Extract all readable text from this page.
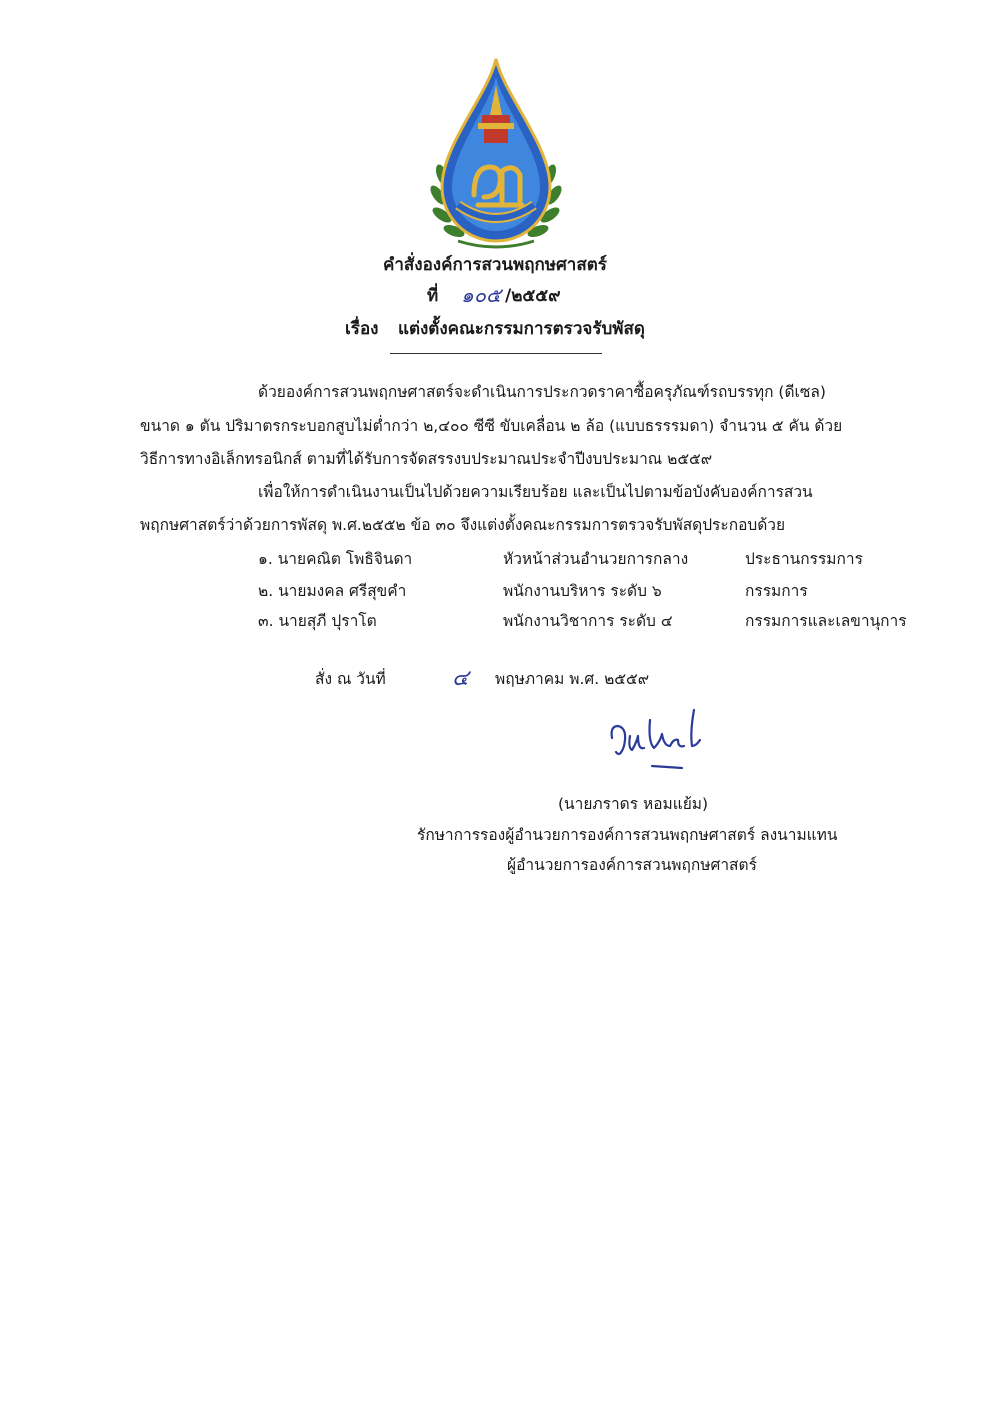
คำสั่งองค์การสวนพฤกษศาสตร์
ที่ ๑๐๕ /๒๕๕๙
เรื่อง แต่งตั้งคณะกรรมการตรวจรับพัสดุ
ด้วยองค์การสวนพฤกษศาสตร์จะดำเนินการประกวดราคาซื้อครุภัณฑ์รถบรรทุก (ดีเซล)
ขนาด ๑ ตัน ปริมาตรกระบอกสูบไม่ต่ำกว่า ๒,๔๐๐ ซีซี ขับเคลื่อน ๒ ล้อ (แบบธรรรมดา) จำนวน ๕ คัน ด้วย
วิธีการทางอิเล็กทรอนิกส์ ตามที่ได้รับการจัดสรรงบประมาณประจำปีงบประมาณ ๒๕๕๙
เพื่อให้การดำเนินงานเป็นไปด้วยความเรียบร้อย และเป็นไปตามข้อบังคับองค์การสวน
พฤกษศาสตร์ว่าด้วยการพัสดุ พ.ศ.๒๕๕๒ ข้อ ๓๐ จึงแต่งตั้งคณะกรรมการตรวจรับพัสดุประกอบด้วย
๑. นายคณิต โพธิจินดา	หัวหน้าส่วนอำนวยการกลาง	ประธานกรรมการ
๒. นายมงคล ศรีสุขคำ	พนักงานบริหาร ระดับ ๖	กรรมการ
๓. นายสุภี ปุราโต	พนักงานวิชาการ ระดับ ๔	กรรมการและเลขานุการ
สั่ง ณ วันที่	๔ พฤษภาคม พ.ศ. ๒๕๕๙
(นายภราดร หอมแย้ม)
รักษาการรองผู้อำนวยการองค์การสวนพฤกษศาสตร์ ลงนามแทน
ผู้อำนวยการองค์การสวนพฤกษศาสตร์
